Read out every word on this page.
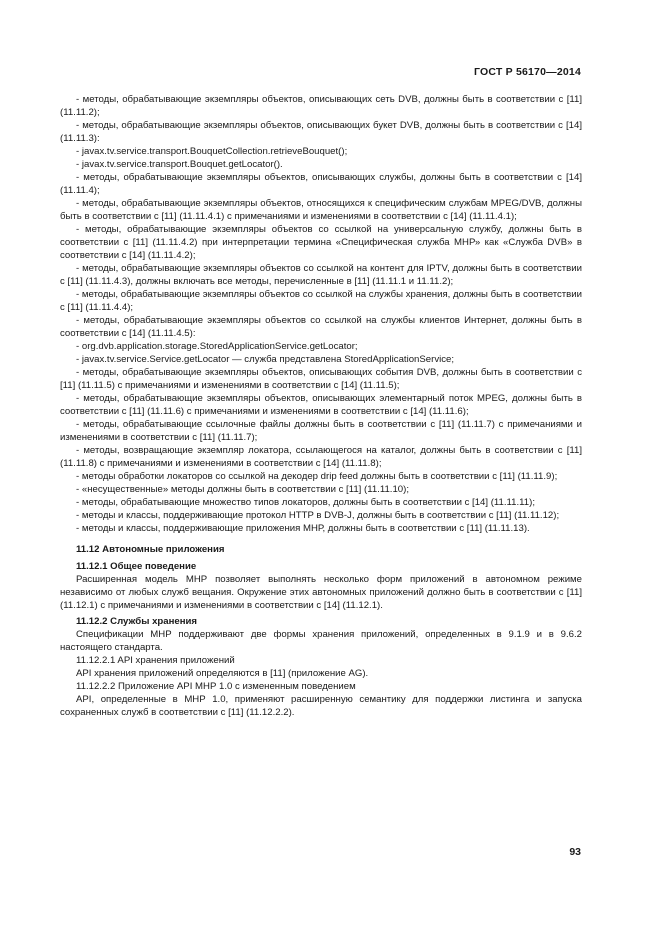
ГОСТ Р 56170—2014

- методы, обрабатывающие экземпляры объектов, описывающих сеть DVB, должны быть в соответствии с [11] (11.11.2);

- методы, обрабатывающие экземпляры объектов, описывающих букет DVB, должны быть в соответствии с [14] (11.11.3):

- javax.tv.service.transport.BouquetCollection.retrieveBouquet();

- javax.tv.service.transport.Bouquet.getLocator().

- методы, обрабатывающие экземпляры объектов, описывающих службы, должны быть в соответствии с [14] (11.11.4);

- методы, обрабатывающие экземпляры объектов, относящихся к специфическим службам MPEG/DVB, должны быть в соответствии с [11] (11.11.4.1) с примечаниями и изменениями в соответствии с [14] (11.11.4.1);

- методы, обрабатывающие экземпляры объектов со ссылкой на универсальную службу, должны быть в соответствии с [11] (11.11.4.2) при интерпретации термина «Специфическая служба МНР» как «Служба DVB» в соответствии с [14] (11.11.4.2);

- методы, обрабатывающие экземпляры объектов со ссылкой на контент для IPTV, должны быть в соответствии с [11] (11.11.4.3), должны включать все методы, перечисленные в [11] (11.11.1 и 11.11.2);

- методы, обрабатывающие экземпляры объектов со ссылкой на службы хранения, должны быть в соответствии с [11] (11.11.4.4);

- методы, обрабатывающие экземпляры объектов со ссылкой на службы клиентов Интернет, должны быть в соответствии с [14] (11.11.4.5):

- org.dvb.application.storage.StoredApplicationService.getLocator;

- javax.tv.service.Service.getLocator — служба представлена StoredApplicationService;

- методы, обрабатывающие экземпляры объектов, описывающих события DVB, должны быть в соответствии с [11] (11.11.5) с примечаниями и изменениями в соответствии с [14] (11.11.5);

- методы, обрабатывающие экземпляры объектов, описывающих элементарный поток MPEG, должны быть в соответствии с [11] (11.11.6) с примечаниями и изменениями в соответствии с [14] (11.11.6);

- методы, обрабатывающие ссылочные файлы должны быть в соответствии с [11] (11.11.7) с примечаниями и изменениями в соответствии с [11] (11.11.7);

- методы, возвращающие экземпляр локатора, ссылающегося на каталог, должны быть в соответствии с [11] (11.11.8) с примечаниями и изменениями в соответствии с [14] (11.11.8);

- методы обработки локаторов со ссылкой на декодер drip feed должны быть в соответствии с [11] (11.11.9);

- «несущественные» методы должны быть в соответствии с [11] (11.11.10);

- методы, обрабатывающие множество типов локаторов, должны быть в соответствии с [14] (11.11.11);

- методы и классы, поддерживающие протокол HTTP в DVB-J, должны быть в соответствии с [11] (11.11.12);

- методы и классы, поддерживающие приложения МНР, должны быть в соответствии с [11] (11.11.13).

11.12 Автономные приложения

11.12.1 Общее поведение

Расширенная модель МНР позволяет выполнять несколько форм приложений в автономном режиме независимо от любых служб вещания. Окружение этих автономных приложений должно быть в соответствии с [11] (11.12.1) с примечаниями и изменениями в соответствии с [14] (11.12.1).

11.12.2 Службы хранения

Спецификации МНР поддерживают две формы хранения приложений, определенных в 9.1.9 и в 9.6.2 настоящего стандарта.

11.12.2.1 API хранения приложений

API хранения приложений определяются в [11] (приложение AG).

11.12.2.2 Приложение API МНР 1.0 с измененным поведением

API, определенные в МНР 1.0, применяют расширенную семантику для поддержки листинга и запуска сохраненных служб в соответствии с [11] (11.12.2.2).

93
